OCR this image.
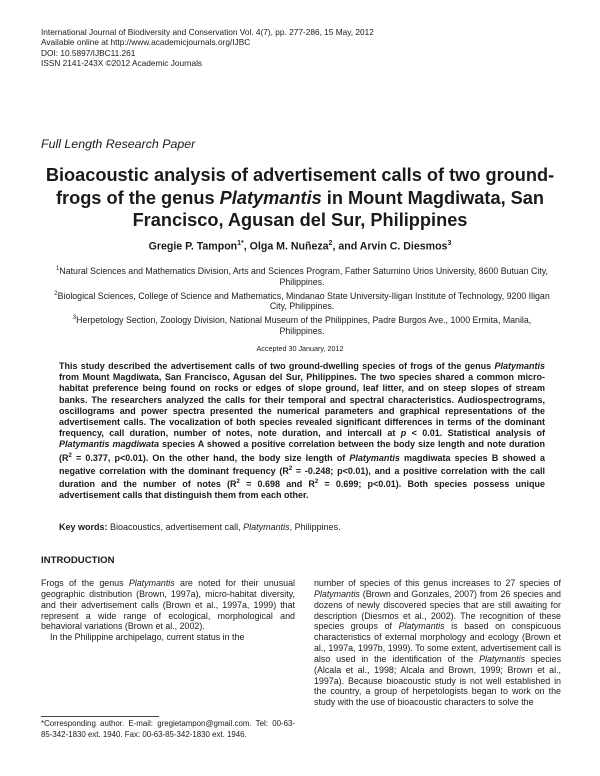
International Journal of Biodiversity and Conservation Vol. 4(7), pp. 277-286, 15 May, 2012
Available online at http://www.academicjournals.org/IJBC
DOI: 10.5897/IJBC11.261
ISSN 2141-243X ©2012 Academic Journals
Full Length Research Paper
Bioacoustic analysis of advertisement calls of two ground-frogs of the genus Platymantis in Mount Magdiwata, San Francisco, Agusan del Sur, Philippines
Gregie P. Tampon$^{1*}$, Olga M. Nuñeza$^2$, and Arvin C. Diesmos$^3$

$^1$Natural Sciences and Mathematics Division, Arts and Sciences Program, Father Saturnino Urios University, 8600 Butuan City, Philippines.

$^2$Biological Sciences, College of Science and Mathematics, Mindanao State University-Iligan Institute of Technology, 9200 Iligan City, Philippines.

$^3$Herpetology Section, Zoology Division, National Museum of the Philippines, Padre Burgos Ave., 1000 Ermita, Manila, Philippines.

Accepted 30 January, 2012
This study described the advertisement calls of two ground-dwelling species of frogs of the genus Platymantis from Mount Magdiwata, San Francisco, Agusan del Sur, Philippines. The two species shared a common micro-habitat preference being found on rocks or edges of slope ground, leaf litter, and on steep slopes of stream banks. The researchers analyzed the calls for their temporal and spectral characteristics. Audiospectrograms, oscillograms and power spectra presented the numerical parameters and graphical representations of the advertisement calls. The vocalization of both species revealed significant differences in terms of the dominant frequency, call duration, number of notes, note duration, and intercall at p < 0.01. Statistical analysis of Platymantis magdiwata species A showed a positive correlation between the body size length and note duration ($R^2 = 0.377$, p<0.01). On the other hand, the body size length of Platymantis magdiwata species B showed a negative correlation with the dominant frequency ($R^2 = -0.248$; p<0.01), and a positive correlation with the call duration and the number of notes ($R^2 = 0.698$ and $R^2 = 0.699$; p<0.01). Both species possess unique advertisement calls that distinguish them from each other.
Key words: Bioacoustics, advertisement call, Platymantis, Philippines.
INTRODUCTION

Frogs of the genus Platymantis are noted for their unusual geographic distribution (Brown, 1997a), micro-habitat diversity, and their advertisement calls (Brown et al., 1997a, 1999) that represent a wide range of ecological, morphological and behavioral variations (Brown et al., 2002).

In the Philippine archipelago, current status in the

number of species of this genus increases to 27 species of Platymantis (Brown and Gonzales, 2007) from 26 species and dozens of newly discovered species that are still awaiting for description (Diesmos et al., 2002). The recognition of these species groups of Platymantis is based on conspicuous characteristics of external morphology and ecology (Brown et al., 1997a, 1997b, 1999). To some extent, advertisement call is also used in the identification of the Platymantis species (Alcala et al., 1998; Alcala and Brown, 1999; Brown et al., 1997a). Because bioacoustic study is not well established in the country, a group of herpetologists began to work on the study with the use of bioacoustic characters to solve the

*Corresponding author. E-mail: gregietampon@gmail.com. Tel: 00-63-85-342-1830 ext. 1940. Fax: 00-63-85-342-1830 ext. 1946.
